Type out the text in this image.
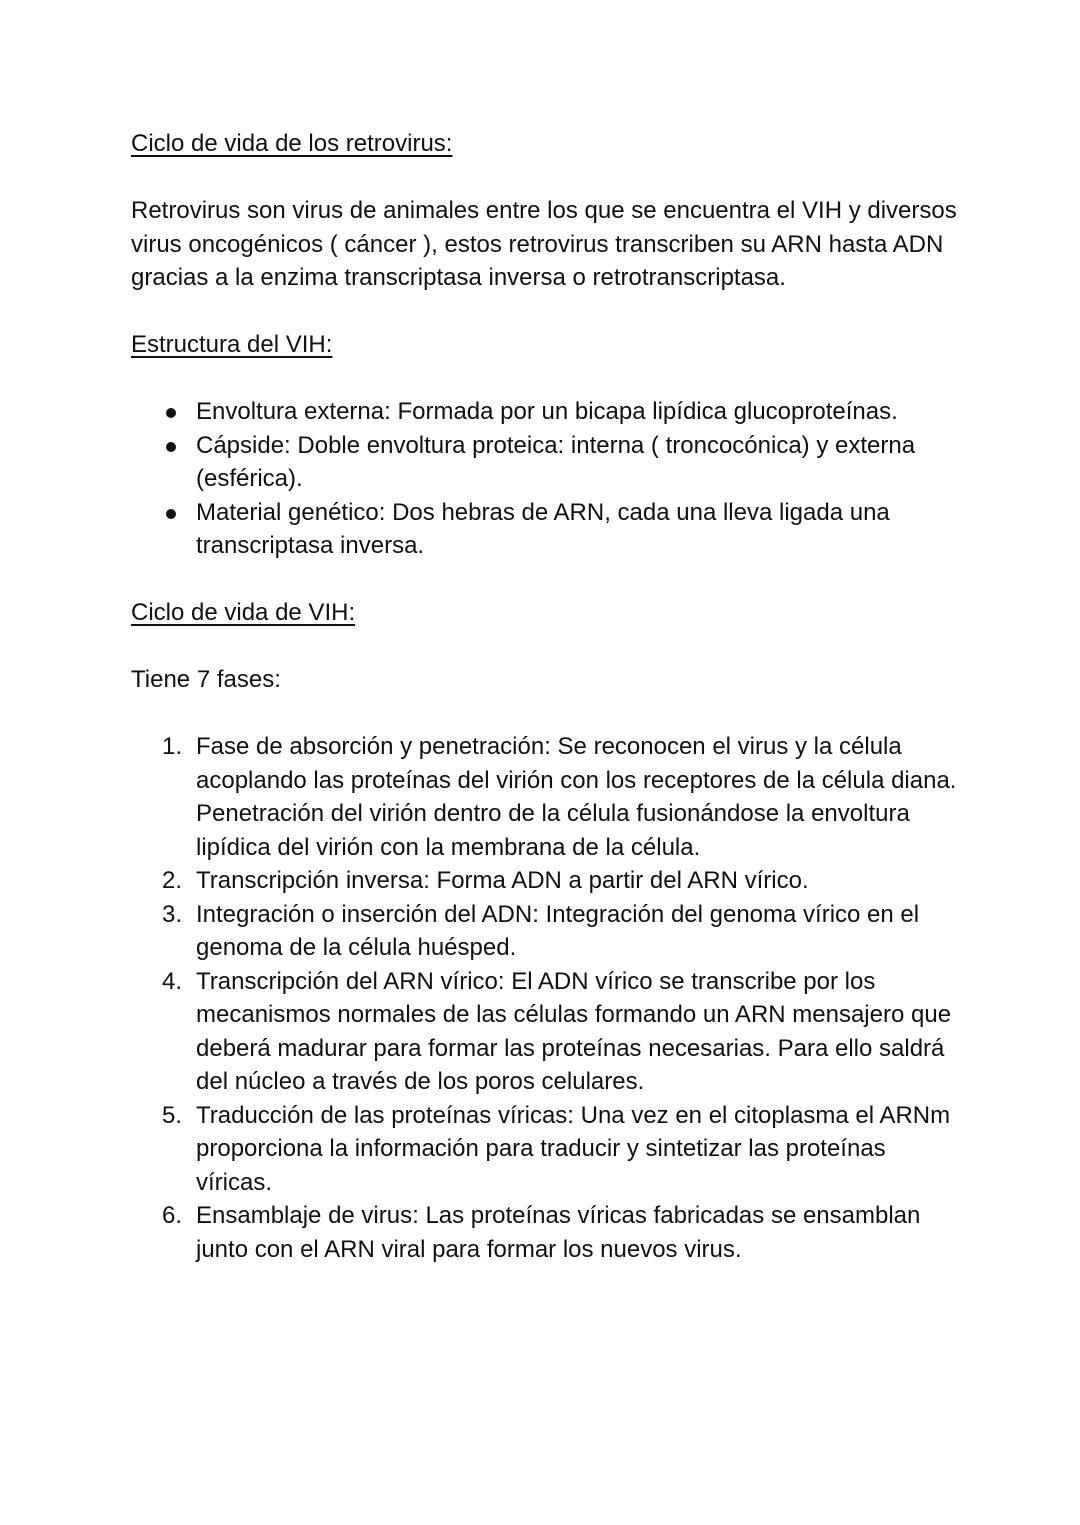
Ciclo de vida de los retrovirus:

Retrovirus son virus de animales entre los que se encuentra el VIH y diversos virus oncogénicos ( cáncer ), estos retrovirus transcriben su ARN hasta ADN gracias a la enzima transcriptasa inversa o retrotranscriptasa.

Estructura del VIH:
Envoltura externa: Formada por un bicapa lipídica glucoproteínas.
Cápside: Doble envoltura proteica: interna ( troncocónica) y externa (esférica).
Material genético: Dos hebras de ARN, cada una lleva ligada una transcriptasa inversa.
Ciclo de vida de VIH:

Tiene 7 fases:

1. Fase de absorción y penetración: Se reconocen el virus y la célula acoplando las proteínas del virión con los receptores de la célula diana.
Penetración del virión dentro de la célula fusionándose la envoltura lipídica del virión con la membrana de la célula.
2. Transcripción inversa: Forma ADN a partir del ARN vírico.
3. Integración o inserción del ADN: Integración del genoma vírico en el genoma de la célula huésped.
4. Transcripción del ARN vírico: El ADN vírico se transcribe por los mecanismos normales de las células formando un ARN mensajero que deberá madurar para formar las proteínas necesarias. Para ello saldrá del núcleo a través de los poros celulares.
5. Traducción de las proteínas víricas: Una vez en el citoplasma el ARNm proporciona la información para traducir y sintetizar las proteínas víricas.
6. Ensamblaje de virus: Las proteínas víricas fabricadas se ensamblan junto con el ARN viral para formar los nuevos virus.
